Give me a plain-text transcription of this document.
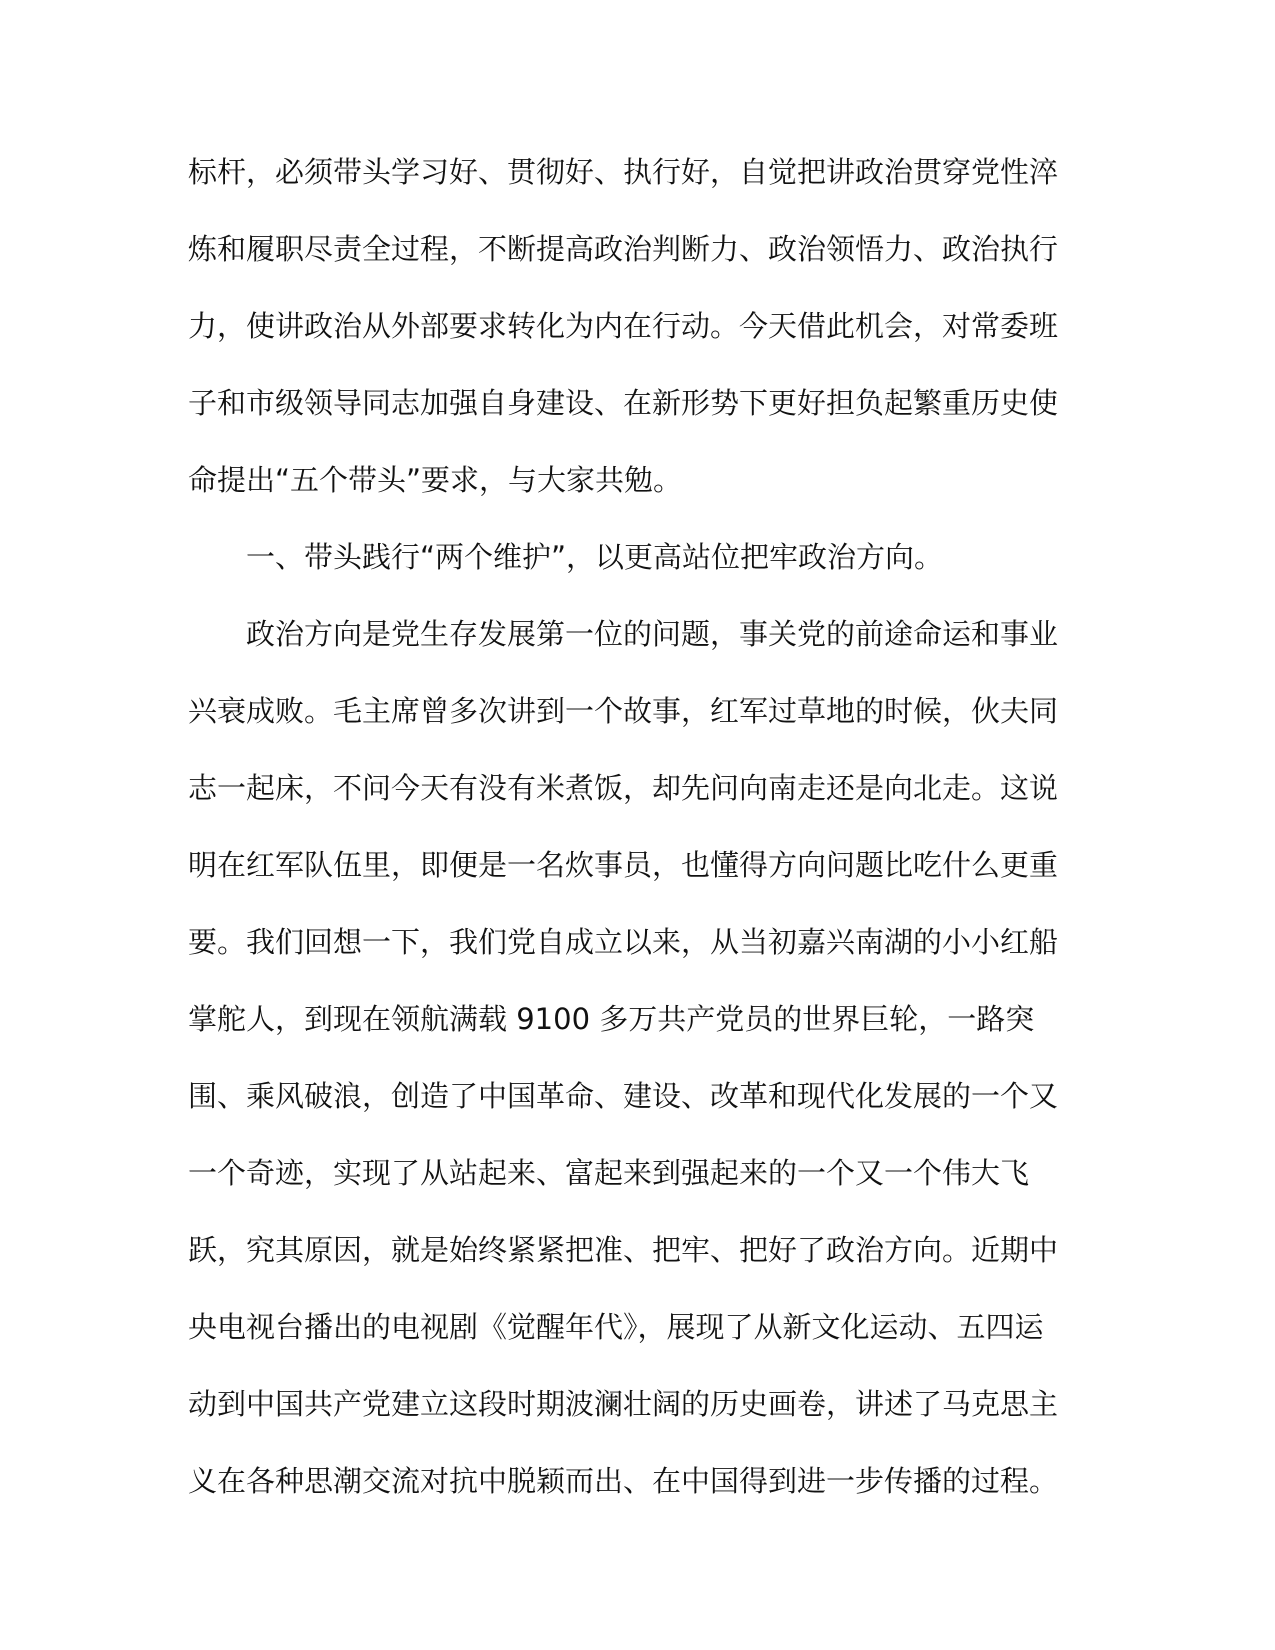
标杆，必须带头学习好、贯彻好、执行好，自觉把讲政治贯穿党性淬
炼和履职尽责全过程，不断提高政治判断力、政治领悟力、政治执行
力，使讲政治从外部要求转化为内在行动。今天借此机会，对常委班
子和市级领导同志加强自身建设、在新形势下更好担负起繁重历史使
命提出“五个带头”要求，与大家共勉。
一、带头践行“两个维护”，以更高站位把牢政治方向。
政治方向是党生存发展第一位的问题，事关党的前途命运和事业
兴衰成败。毛主席曾多次讲到一个故事，红军过草地的时候，伙夫同
志一起床，不问今天有没有米煮饭，却先问向南走还是向北走。这说
明在红军队伍里，即便是一名炊事员，也懂得方向问题比吃什么更重
要。我们回想一下，我们党自成立以来，从当初嘉兴南湖的小小红船
掌舵人，到现在领航满载 9100 多万共产党员的世界巨轮，一路突
围、乘风破浪，创造了中国革命、建设、改革和现代化发展的一个又
一个奇迹，实现了从站起来、富起来到强起来的一个又一个伟大飞
跃，究其原因，就是始终紧紧把准、把牢、把好了政治方向。近期中
央电视台播出的电视剧《觉醒年代》，展现了从新文化运动、五四运
动到中国共产党建立这段时期波澜壮阔的历史画卷，讲述了马克思主
义在各种思潮交流对抗中脱颖而出、在中国得到进一步传播的过程。
